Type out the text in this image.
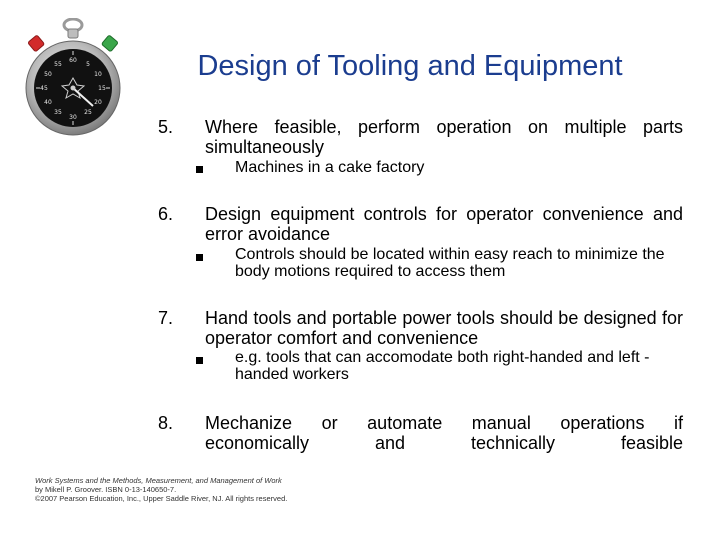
60
5
10
15
20
25
30
35
40
45
50
55	Design of Tooling and Equipment
5. Where feasible, perform operation on multiple parts simultaneously
Machines in a cake factory
6. Design equipment controls for operator convenience and error avoidance
Controls should be located within easy reach to minimize the body motions required to access them
7. Hand tools and portable power tools should be designed for operator comfort and convenience
e.g. tools that can accomodate both right-handed and left -handed workers
8. Mechanize or automate manual operations if
economically and technically feasible
Work Systems and the Methods, Measurement, and Management of Work
by Mikell P. Groover. ISBN 0-13-140650-7.
©2007 Pearson Education, Inc., Upper Saddle River, NJ. All rights reserved.
